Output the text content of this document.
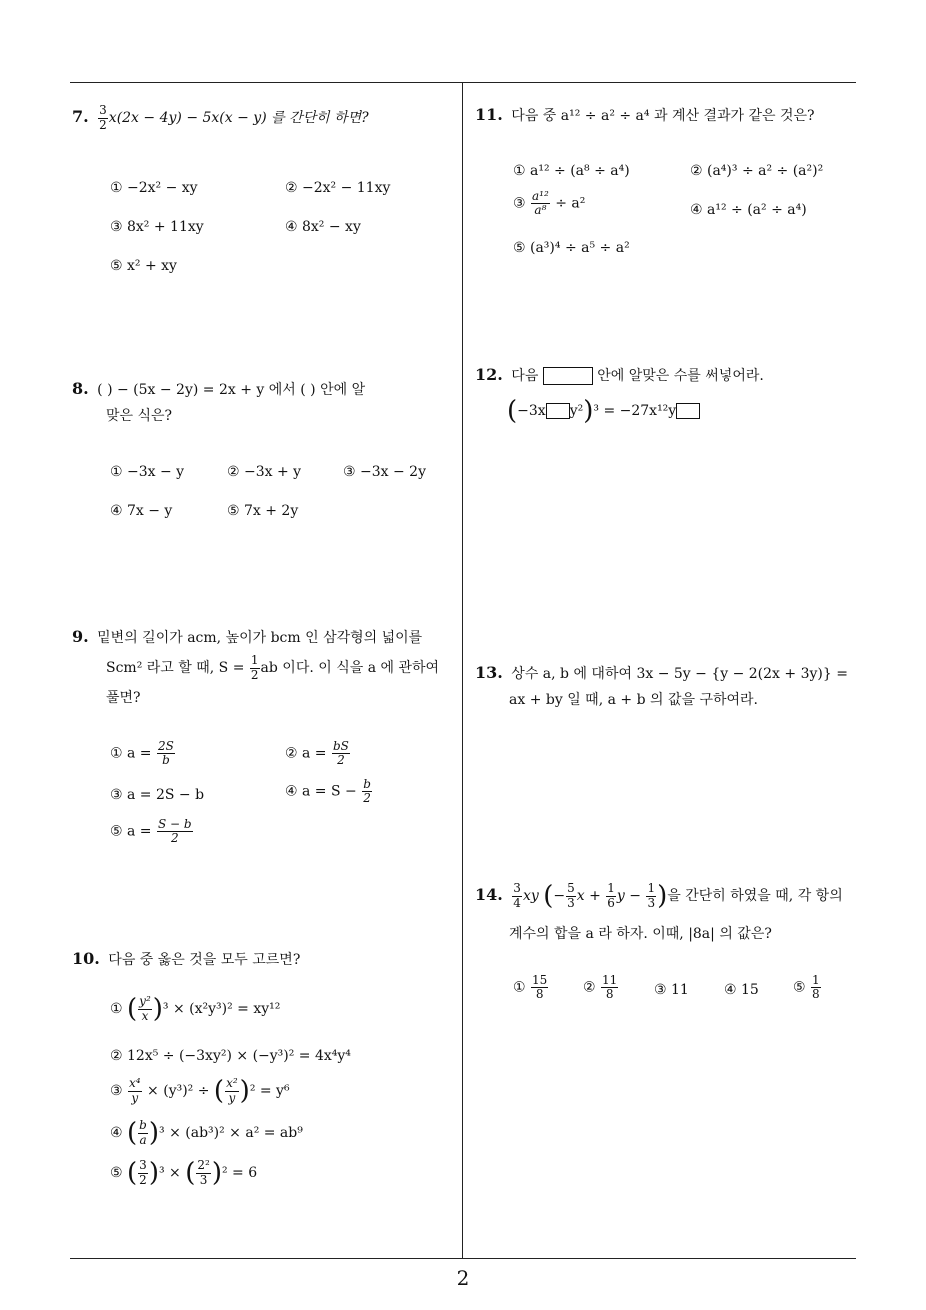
7. $\frac{3}{2} x(2x - 4y) - 5x(x - y)$ 를 간단히 하면?
① −2x² − xy	② −2x² − 11xy
③ 8x² + 11xy	④ 8x² − xy
⑤ x² + xy
8. ( ) − (5x − 2y) = 2x + y 에서 ( ) 안에 알
맞은 식은?
① −3x − y	② −3x + y	③ −3x − 2y
④ 7x − y	⑤ 7x + 2y
9. 밑변의 길이가 acm, 높이가 bcm 인 삼각형의 넓이를
Scm² 라고 할 때, $S = \frac{1}{2}$ ab 이다. 이 식을 a 에 관하여
풀면?
① $a = \frac{2S}{b}$	② $a = \frac{bS}{2}$
③ a = 2S − b	④ $a = S - \frac{b}{2}$
⑤ $a = \frac{S - b}{2}$
10. 다음 중 옳은 것을 모두 고르면?
① ( $\frac{\text{y²}}{x} )^3 \times (x^2y^3)^2 = xy^{12}$
② 12x⁵ ÷ (−3xy²) × (−y³)² = 4x⁴y⁴
③ $\frac{\text{x⁴}}{y} \times (y^3)^2$ ÷ ( $\frac{\text{x²}}{y} )^2 = y^6$
④ ( $\frac{b}{a} )^3 \times (ab^3)^2 \times a^2 = ab^9$
⑤ ( $\frac{3}{2} )^3$ × ( $\frac{\text{2²}}{3} )^2 = 6$
11. 다음 중 a¹² ÷ a² ÷ a⁴ 과 계산 결과가 같은 것은?
① a¹² ÷ (a⁸ ÷ a⁴)	② (a⁴)³ ÷ a² ÷ (a²)²
③ $\frac{\text{a¹²}}{\text{a⁸}} \div a^2$	④ a¹² ÷ (a² ÷ a⁴)
⑤ (a³)⁴ ÷ a⁵ ÷ a²
12. 다음	안에 알맞은 수를 써넣어라.
(−3x y²)³ = −27x¹²y
13. 상수 a, b 에 대하여 3x − 5y − {y − 2(2x + 3y)} =
ax + by 일 때, a + b 의 값을 구하여라.
14. $\frac{3}{4}$ xy (− $\frac{5}{3}$ $x + \frac{1}{6}$ $y - \frac{1}{3}$ )을 간단히 하였을 때, 각 항의
계수의 합을 a 라 하자. 이때, |8a| 의 값은?
① $\frac{15}{8}$ ② $\frac{11}{8}$	③ 11	④ 15 ⑤ $\frac{1}{8}$
2
